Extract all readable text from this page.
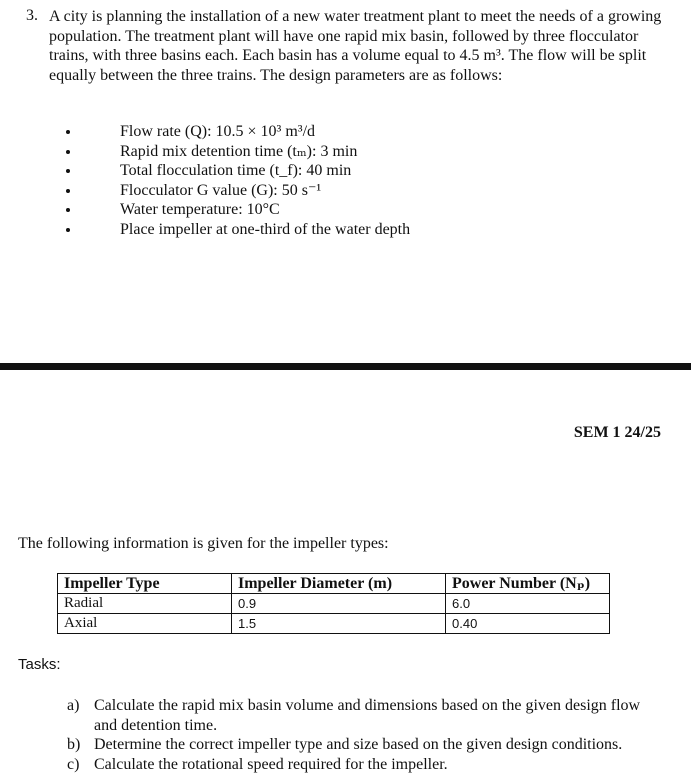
3. A city is planning the installation of a new water treatment plant to meet the needs of a growing population. The treatment plant will have one rapid mix basin, followed by three flocculator trains, with three basins each. Each basin has a volume equal to 4.5 m³. The flow will be split equally between the three trains. The design parameters are as follows:
Flow rate (Q): 10.5 × 10³ m³/d
Rapid mix detention time (tₘ): 3 min
Total flocculation time (t_f): 40 min
Flocculator G value (G): 50 s⁻¹
Water temperature: 10°C
Place impeller at one-third of the water depth
SEM 1 24/25
The following information is given for the impeller types:
Impeller Type	Impeller Diameter (m)	Power Number (Nₚ)
Radial	0.9	6.0
Axial	1.5	0.40
Tasks:
a) Calculate the rapid mix basin volume and dimensions based on the given design flow and detention time.
b) Determine the correct impeller type and size based on the given design conditions.
c) Calculate the rotational speed required for the impeller.
